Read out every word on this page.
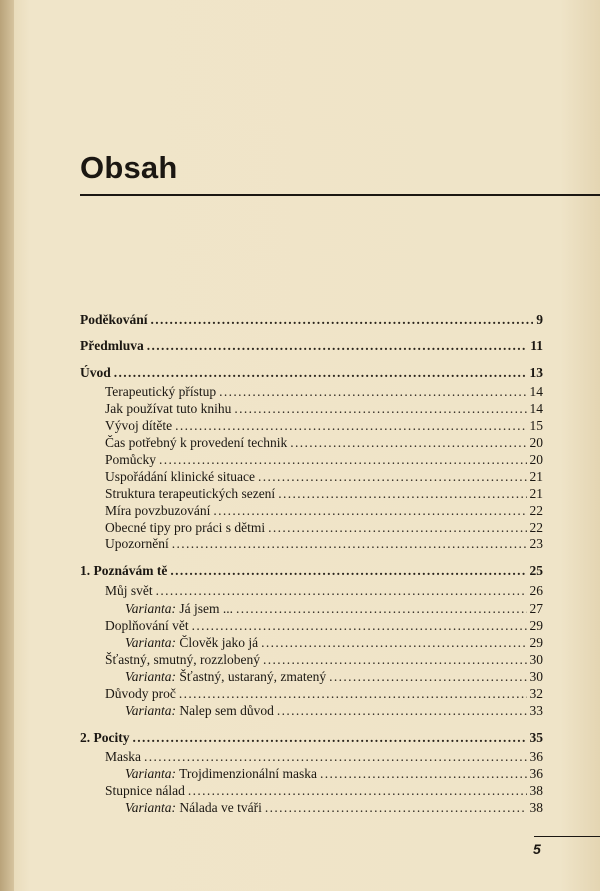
Obsah
Poděkování . . .	9
Předmluva . . .	11
Úvod . . .	13
Terapeutický přístup . . .	14
Jak používat tuto knihu . . .	14
Vývoj dítěte . . .	15
Čas potřebný k provedení technik . . .	20
Pomůcky . . .	20
Uspořádání klinické situace . . .	21
Struktura terapeutických sezení . . .	21
Míra povzbuzování . . .	22
Obecné tipy pro práci s dětmi . . .	22
Upozornění . . .	23
1. Poznávám tě . . .	25
Můj svět . . .	26
Varianta: Já jsem ... . . .	27
Doplňování vět . . .	29
Varianta: Člověk jako já . . .	29
Šťastný, smutný, rozzlobený . . .	30
Varianta: Šťastný, ustaraný, zmatený . . .	30
Důvody proč . . .	32
Varianta: Nalep sem důvod . . .	33
2. Pocity . . .	35
Maska . . .	36
Varianta: Trojdimenzionální maska . . .	36
Stupnice nálad . . .	38
Varianta: Nálada ve tváři . . .	38
5
